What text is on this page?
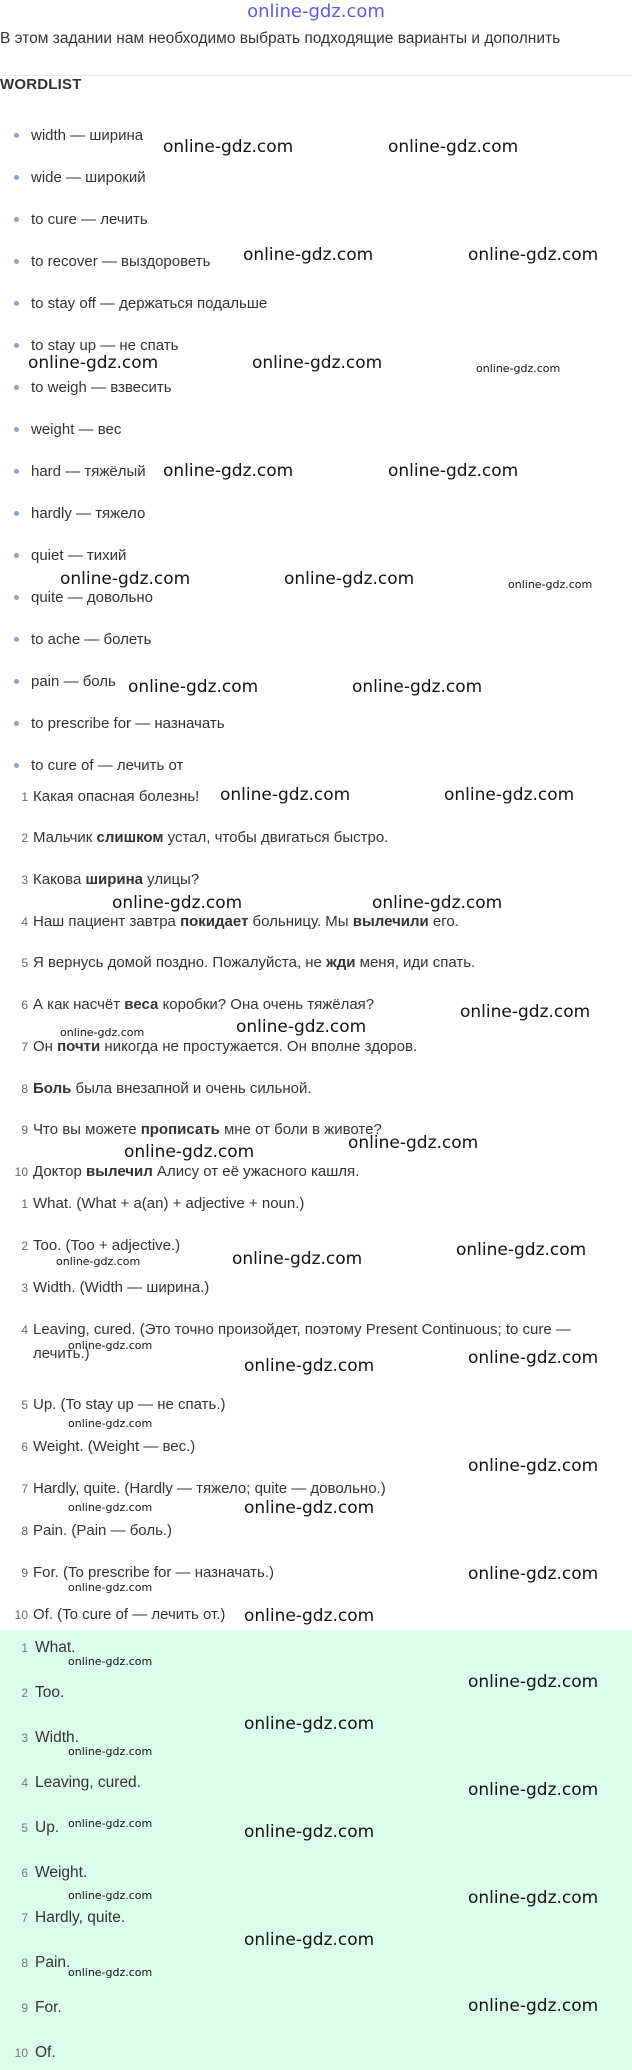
online-gdz.com
В этом задании нам необходимо выбрать подходящие варианты и дополнить
WORDLIST
width — ширина
wide — широкий
to cure — лечить
to recover — выздороветь
to stay off — держаться подальше
to stay up — не спать
to weigh — взвесить
weight — вес
hard — тяжёлый
hardly — тяжело
quiet — тихий
quite — довольно
to ache — болеть
pain — боль
to prescribe for — назначать
to cure of — лечить от
1 Какая опасная болезнь!
2 Мальчик слишком устал, чтобы двигаться быстро.
3 Какова ширина улицы?
4 Наш пациент завтра покидает больницу. Мы вылечили его.
5 Я вернусь домой поздно. Пожалуйста, не жди меня, иди спать.
6 А как насчёт веса коробки? Она очень тяжёлая?
7 Он почти никогда не простужается. Он вполне здоров.
8 Боль была внезапной и очень сильной.
9 Что вы можете прописать мне от боли в животе?
10 Доктор вылечил Алису от её ужасного кашля.
1 What. (What + a(an) + adjective + noun.)
2 Too. (Too + adjective.)
3 Width. (Width — ширина.)
4 Leaving, cured. (Это точно произойдет, поэтому Present Continuous; to cure — лечить.)
5 Up. (To stay up — не спать.)
6 Weight. (Weight — вес.)
7 Hardly, quite. (Hardly — тяжело; quite — довольно.)
8 Pain. (Pain — боль.)
9 For. (To prescribe for — назначать.)
10 Of. (To cure of — лечить от.)
1 What.
2 Too.
3 Width.
4 Leaving, cured.
5 Up.
6 Weight.
7 Hardly, quite.
8 Pain.
9 For.
10 Of.
online-gdz.com	online-gdz.com
online-gdz.com	online-gdz.com
online-gdz.com	online-gdz.com	online-gdz.com
online-gdz.com	online-gdz.com
online-gdz.com	online-gdz.com	online-gdz.com
online-gdz.com	online-gdz.com
online-gdz.com	online-gdz.com
online-gdz.com	online-gdz.com
online-gdz.com	online-gdz.com
online-gdz.com
online-gdz.com
online-gdz.com
online-gdz.com	online-gdz.com	online-gdz.com
online-gdz.com
online-gdz.com	online-gdz.com
online-gdz.com
online-gdz.com
online-gdz.com	online-gdz.com
online-gdz.com
online-gdz.com
online-gdz.com
online-gdz.com
online-gdz.com
online-gdz.com
online-gdz.com
online-gdz.com
online-gdz.com	online-gdz.com
online-gdz.com	online-gdz.com
online-gdz.com
online-gdz.com
online-gdz.com
